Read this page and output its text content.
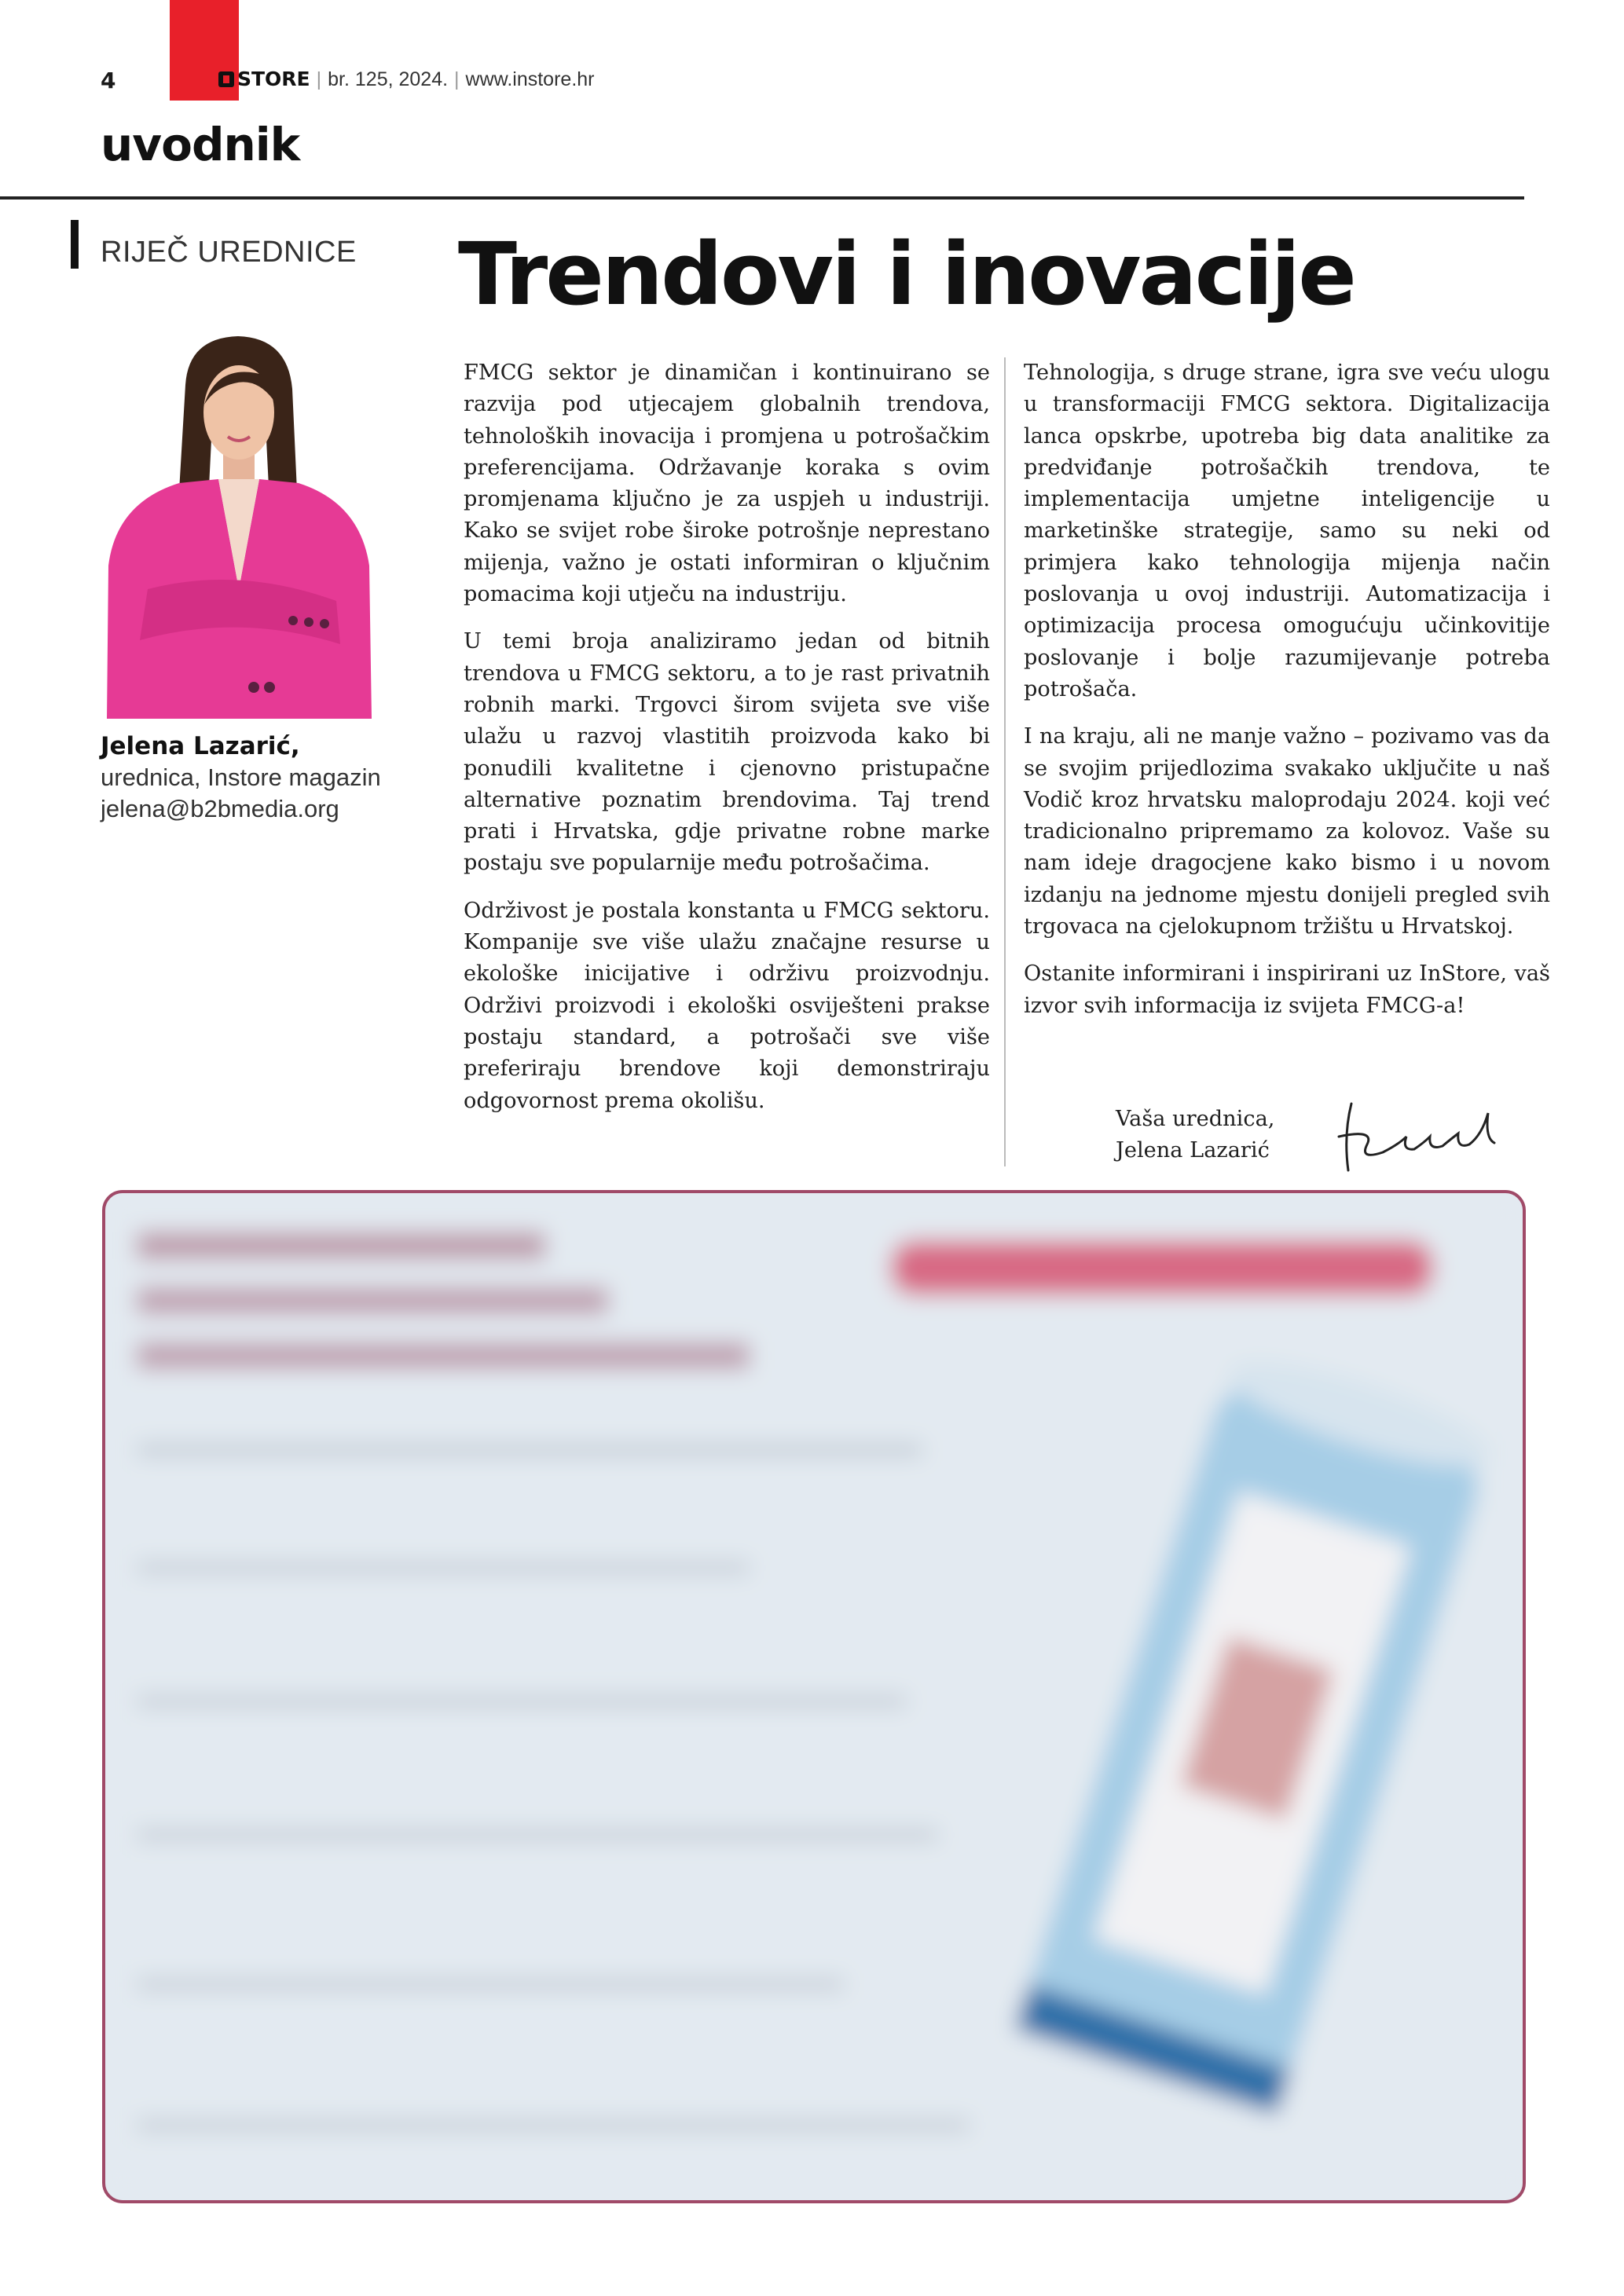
4	STORE | br. 125, 2024. | www.instore.hr
uvodnik
RIJEČ UREDNICE Trendovi i inovacije
Jelena Lazarić,
urednica, Instore magazin
jelena@b2bmedia.org

FMCG sektor je dinamičan i kontinuirano se razvija pod utjecajem globalnih trendova, tehnoloških inovacija i promjena u potrošačkim preferencijama. Održavanje koraka s ovim promjenama ključno je za uspjeh u industriji. Kako se svijet robe široke potrošnje neprestano mijenja, važno je ostati informiran o ključnim pomacima koji utječu na industriju.

U temi broja analiziramo jedan od bitnih trendova u FMCG sektoru, a to je rast privatnih robnih marki. Trgovci širom svijeta sve više ulažu u razvoj vlastitih proizvoda kako bi ponudili kvalitetne i cjenovno pristupačne alternative poznatim brendovima. Taj trend prati i Hrvatska, gdje privatne robne marke postaju sve popularnije među potrošačima.

Održivost je postala konstanta u FMCG sektoru. Kompanije sve više ulažu značajne resurse u ekološke inicijative i održivu proizvodnju. Održivi proizvodi i ekološki osviješteni prakse postaju standard, a potrošači sve više preferiraju brendove koji demonstriraju odgovornost prema okolišu.

Tehnologija, s druge strane, igra sve veću ulogu u transformaciji FMCG sektora. Digitalizacija lanca opskrbe, upotreba big data analitike za predviđanje potrošačkih trendova, te implementacija umjetne inteligencije u marketinške strategije, samo su neki od primjera kako tehnologija mijenja način poslovanja u ovoj industriji. Automatizacija i optimizacija procesa omogućuju učinkovitije poslovanje i bolje razumijevanje potreba potrošača.

I na kraju, ali ne manje važno – pozivamo vas da se svojim prijedlozima svakako uključite u naš Vodič kroz hrvatsku maloprodaju 2024. koji već tradicionalno pripremamo za kolovoz. Vaše su nam ideje dragocjene kako bismo i u novom izdanju na jednome mjestu donijeli pregled svih trgovaca na cjelokupnom tržištu u Hrvatskoj.

Ostanite informirani i inspirirani uz InStore, vaš izvor svih informacija iz svijeta FMCG-a!

Vaša urednica,
Jelena Lazarić
